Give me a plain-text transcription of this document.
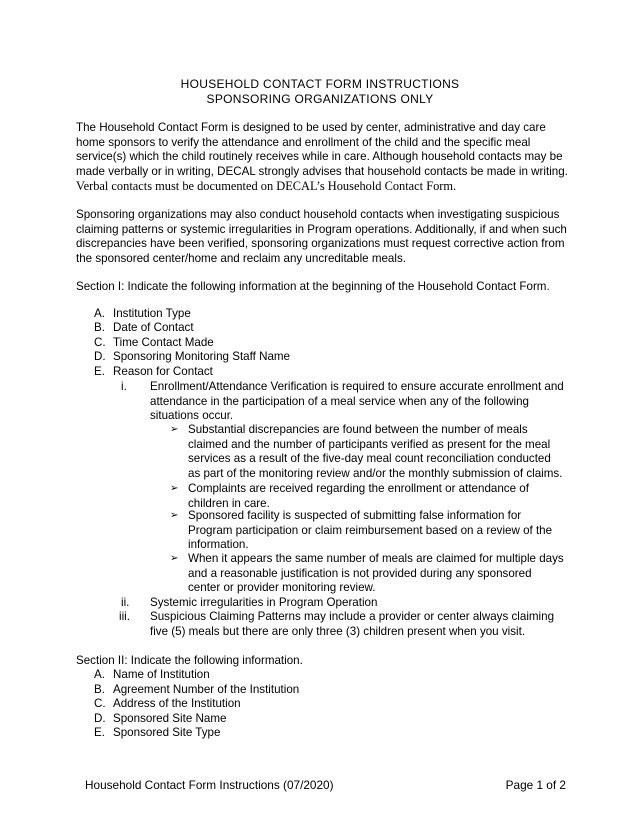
HOUSEHOLD CONTACT FORM INSTRUCTIONS
SPONSORING ORGANIZATIONS ONLY
The Household Contact Form is designed to be used by center, administrative and day care home sponsors to verify the attendance and enrollment of the child and the specific meal service(s) which the child routinely receives while in care. Although household contacts may be made verbally or in writing, DECAL strongly advises that household contacts be made in writing. Verbal contacts must be documented on DECAL’s Household Contact Form.
Sponsoring organizations may also conduct household contacts when investigating suspicious claiming patterns or systemic irregularities in Program operations. Additionally, if and when such discrepancies have been verified, sponsoring organizations must request corrective action from the sponsored center/home and reclaim any uncreditable meals.
Section I: Indicate the following information at the beginning of the Household Contact Form.
A. Institution Type
B. Date of Contact
C. Time Contact Made
D. Sponsoring Monitoring Staff Name
E. Reason for Contact
i.	Enrollment/Attendance Verification is required to ensure accurate enrollment and attendance in the participation of a meal service when any of the following situations occur.
➢ Substantial discrepancies are found between the number of meals claimed and the number of participants verified as present for the meal services as a result of the five-day meal count reconciliation conducted as part of the monitoring review and/or the monthly submission of claims.
➢ Complaints are received regarding the enrollment or attendance of children in care.
➢ Sponsored facility is suspected of submitting false information for Program participation or claim reimbursement based on a review of the information.
➢ When it appears the same number of meals are claimed for multiple days and a reasonable justification is not provided during any sponsored center or provider monitoring review.
ii.	Systemic irregularities in Program Operation
iii.	Suspicious Claiming Patterns may include a provider or center always claiming five (5) meals but there are only three (3) children present when you visit.
Section II: Indicate the following information.
A. Name of Institution
B. Agreement Number of the Institution
C. Address of the Institution
D. Sponsored Site Name
E. Sponsored Site Type
Household Contact Form Instructions (07/2020)	Page 1 of 2
